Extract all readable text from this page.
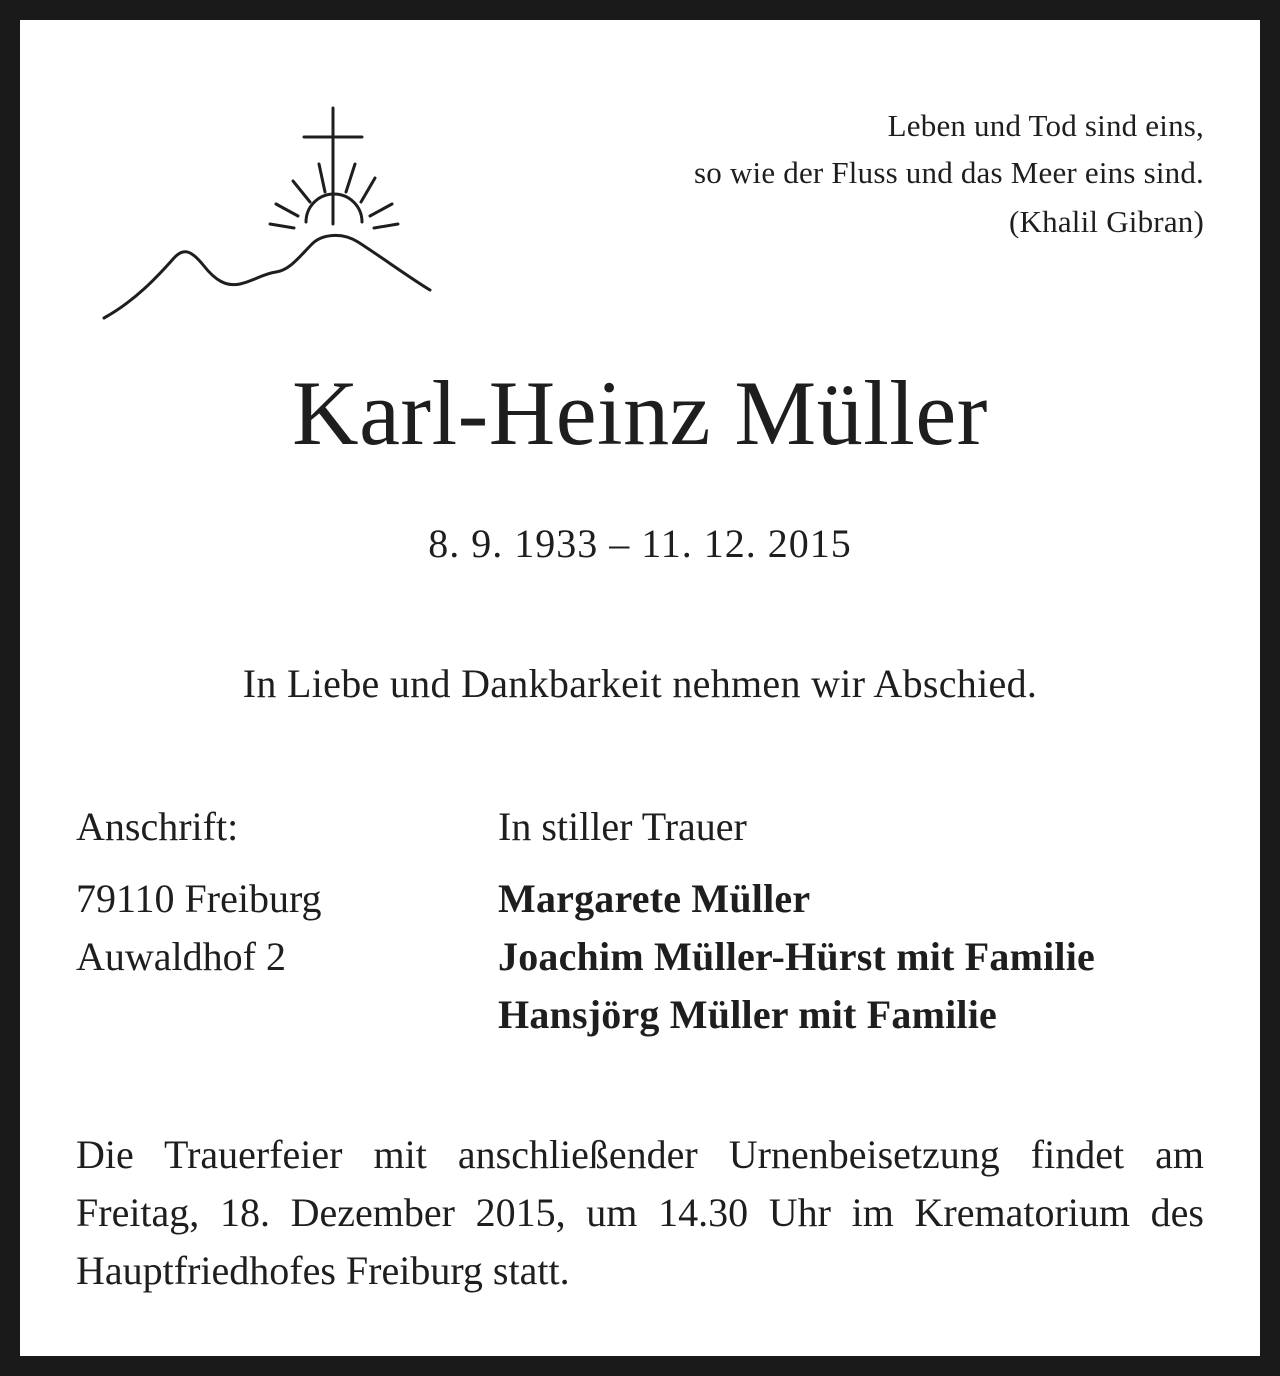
Leben und Tod sind eins,
so wie der Fluss und das Meer eins sind.
(Khalil Gibran)
Karl-Heinz Müller
8. 9. 1933 – 11. 12. 2015
In Liebe und Dankbarkeit nehmen wir Abschied.
Anschrift:
79110 Freiburg
Auwaldhof 2
In stiller Trauer
Margarete Müller
Joachim Müller-Hürst mit Familie
Hansjörg Müller mit Familie
Die Trauerfeier mit anschließender Urnenbeisetzung findet am Freitag, 18. Dezember 2015, um 14.30 Uhr im Krematorium des Hauptfriedhofes Freiburg statt.
